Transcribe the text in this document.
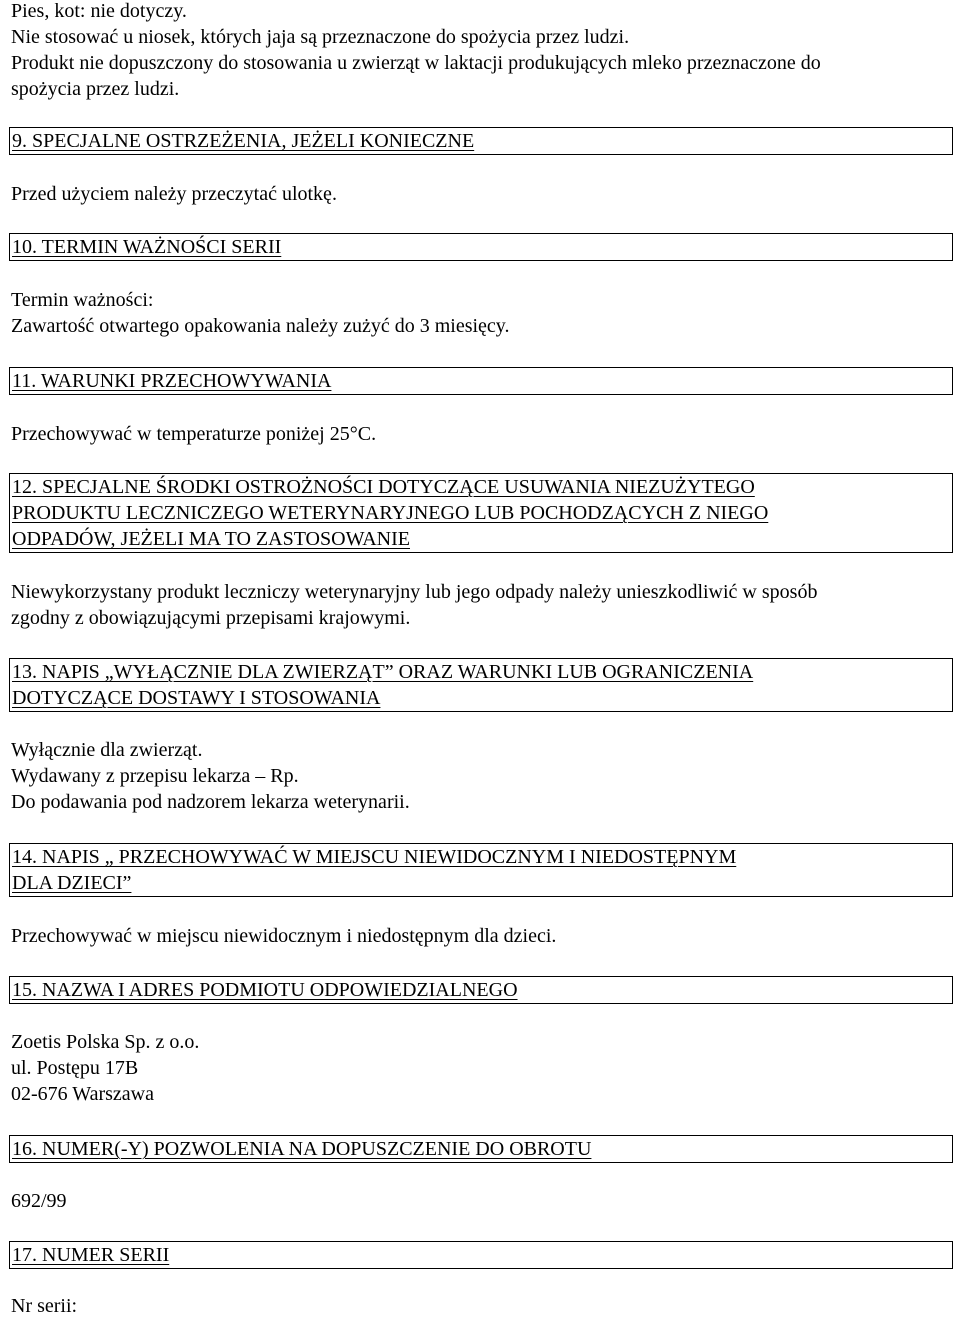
Pies, kot: nie dotyczy.
Nie stosować u niosek, których jaja są przeznaczone do spożycia przez ludzi.
Produkt nie dopuszczony do stosowania u zwierząt w laktacji produkujących mleko przeznaczone do
spożycia przez ludzi.
9. SPECJALNE OSTRZEŻENIA, JEŻELI KONIECZNE
Przed użyciem należy przeczytać ulotkę.
10. TERMIN WAŻNOŚCI SERII
Termin ważności:
Zawartość otwartego opakowania należy zużyć do 3 miesięcy.
11. WARUNKI PRZECHOWYWANIA
Przechowywać w temperaturze poniżej 25°C.
12. SPECJALNE ŚRODKI OSTROŻNOŚCI DOTYCZĄCE USUWANIA NIEZUŻYTEGO
PRODUKTU LECZNICZEGO WETERYNARYJNEGO LUB POCHODZĄCYCH Z NIEGO
ODPADÓW, JEŻELI MA TO ZASTOSOWANIE
Niewykorzystany produkt leczniczy weterynaryjny lub jego odpady należy unieszkodliwić w sposób
zgodny z obowiązującymi przepisami krajowymi.
13. NAPIS „WYŁĄCZNIE DLA ZWIERZĄT” ORAZ WARUNKI LUB OGRANICZENIA
DOTYCZĄCE DOSTAWY I STOSOWANIA
Wyłącznie dla zwierząt.
Wydawany z przepisu lekarza – Rp.
Do podawania pod nadzorem lekarza weterynarii.
14. NAPIS „ PRZECHOWYWAĆ W MIEJSCU NIEWIDOCZNYM I NIEDOSTĘPNYM
DLA DZIECI”
Przechowywać w miejscu niewidocznym i niedostępnym dla dzieci.
15. NAZWA I ADRES PODMIOTU ODPOWIEDZIALNEGO
Zoetis Polska Sp. z o.o.
ul. Postępu 17B
02-676 Warszawa
16. NUMER(-Y) POZWOLENIA NA DOPUSZCZENIE DO OBROTU
692/99
17. NUMER SERII
Nr serii:
